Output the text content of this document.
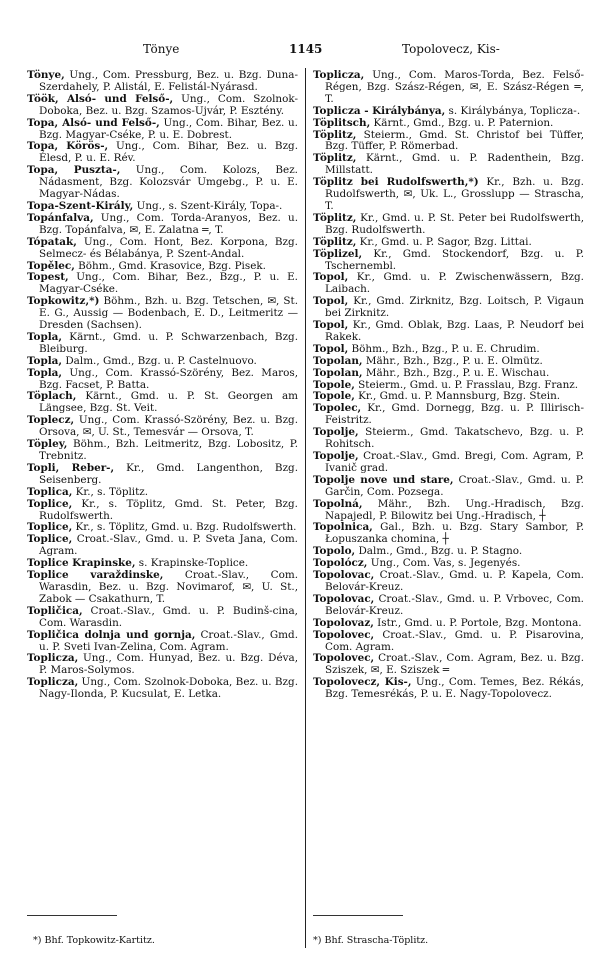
Tönye	1145	Topolovecz, Kis-

Tönye, Ung., Com. Pressburg, Bez. u. Bzg. Duna-Szerdahely, P. Alistál, E. Felistál-Nyárasd.

Töök, Alsó- und Felső-, Ung., Com. Szolnok-Doboka, Bez. u. Bzg. Szamos-Ujvár, P. Esztény.

Topa, Alsó- und Felső-, Ung., Com. Bihar, Bez. u. Bzg. Magyar-Cséke, P. u. E. Dobrest.

Topa, Körös-, Ung., Com. Bihar, Bez. u. Bzg. Élesd, P. u. E. Rév.

Topa, Puszta-, Ung., Com. Kolozs, Bez. Nádasment, Bzg. Kolozsvár Umgebg., P. u. E. Magyar-Nádas.

Topa-Szent-Király, Ung., s. Szent-Király, Topa-.

Topánfalva, Ung., Com. Torda-Aranyos, Bez. u. Bzg. Topánfalva, ✉, E. Zalatna ═, T.

Tópatak, Ung., Com. Hont, Bez. Korpona, Bzg. Selmecz- és Bélabánya, P. Szent-Andal.

Topělec, Böhm., Gmd. Krasovice, Bzg. Pisek.

Topest, Ung., Com. Bihar, Bez., Bzg., P. u. E. Magyar-Cséke.

Topkowitz,*) Böhm., Bzh. u. Bzg. Tetschen, ✉, St. E. G., Aussig — Bodenbach, E. D., Leitmeritz — Dresden (Sachsen).

Topla, Kärnt., Gmd. u. P. Schwarzenbach, Bzg. Bleiburg.

Topla, Dalm., Gmd., Bzg. u. P. Castelnuovo.

Topla, Ung., Com. Krassó-Szörény, Bez. Maros, Bzg. Facset, P. Batta.

Töplach, Kärnt., Gmd. u. P. St. Georgen am Längsee, Bzg. St. Veit.

Toplecz, Ung., Com. Krassó-Szörény, Bez. u. Bzg. Orsova, ✉, U. St., Temesvár — Orsova, T.

Töpley, Böhm., Bzh. Leitmeritz, Bzg. Lobositz, P. Trebnitz.

Topli, Reber-, Kr., Gmd. Langenthon, Bzg. Seisenberg.

Toplica, Kr., s. Töplitz.

Toplice, Kr., s. Töplitz, Gmd. St. Peter, Bzg. Rudolfswerth.

Toplice, Kr., s. Töplitz, Gmd. u. Bzg. Rudolfswerth.

Toplice, Croat.-Slav., Gmd. u. P. Sveta Jana, Com. Agram.

Toplice Krapinske, s. Krapinske-Toplice.

Toplice varaždinske, Croat.-Slav., Com. Warasdin, Bez. u. Bzg. Novimarof, ✉, U. St., Zabok — Csakathurn, T.

Topličica, Croat.-Slav., Gmd. u. P. Budinš-cina, Com. Warasdin.

Topličica dolnja und gornja, Croat.-Slav., Gmd. u. P. Sveti Ivan-Zelina, Com. Agram.

Toplicza, Ung., Com. Hunyad, Bez. u. Bzg. Déva, P. Maros-Solymos.

Toplicza, Ung., Com. Szolnok-Doboka, Bez. u. Bzg. Nagy-Ilonda, P. Kucsulat, E. Letka.

Toplicza, Ung., Com. Maros-Torda, Bez. Felső-Régen, Bzg. Szász-Régen, ✉, E. Szász-Régen ═, T.

Toplicza - Királybánya, s. Királybánya, Toplicza-.

Töplitsch, Kärnt., Gmd., Bzg. u. P. Paternion.

Töplitz, Steierm., Gmd. St. Christof bei Tüffer, Bzg. Tüffer, P. Römerbad.

Töplitz, Kärnt., Gmd. u. P. Radenthein, Bzg. Millstatt.

Töplitz bei Rudolfswerth,*) Kr., Bzh. u. Bzg. Rudolfswerth, ✉, Uk. L., Grosslupp — Straschа, T.

Töplitz, Kr., Gmd. u. P. St. Peter bei Rudolfswerth, Bzg. Rudolfswerth.

Töplitz, Kr., Gmd. u. P. Sagor, Bzg. Littai.

Töplizel, Kr., Gmd. Stockendorf, Bzg. u. P. Tschernembl.

Topol, Kr., Gmd. u. P. Zwischenwässern, Bzg. Laibach.

Topol, Kr., Gmd. Zirknitz, Bzg. Loitsch, P. Vigaun bei Zirknitz.

Topol, Kr., Gmd. Oblak, Bzg. Laas, P. Neudorf bei Rakek.

Topol, Böhm., Bzh., Bzg., P. u. E. Chrudim.

Topolan, Mähr., Bzh., Bzg., P. u. E. Olmütz.

Topolan, Mähr., Bzh., Bzg., P. u. E. Wischau.

Topole, Steierm., Gmd. u. P. Frasslau, Bzg. Franz.

Topole, Kr., Gmd. u. P. Mannsburg, Bzg. Stein.

Topolec, Kr., Gmd. Dornegg, Bzg. u. P. Illirisch-Feistritz.

Topolje, Steierm., Gmd. Takatschevo, Bzg. u. P. Rohitsch.

Topolje, Croat.-Slav., Gmd. Bregi, Com. Agram, P. Ivanič grad.

Topolje nove und stare, Croat.-Slav., Gmd. u. P. Garčin, Com. Pozsega.

Topolná, Mähr., Bzh. Ung.-Hradisch, Bzg. Napajedl, P. Bilowitz bei Ung.-Hradisch, ┼

Topolnica, Gal., Bzh. u. Bzg. Stary Sambor, P. Łopuszanka chomina, ┼

Topolo, Dalm., Gmd., Bzg. u. P. Stagno.

Topolócz, Ung., Com. Vas, s. Jegenyés.

Topolovac, Croat.-Slav., Gmd. u. P. Kapela, Com. Belovár-Kreuz.

Topolovac, Croat.-Slav., Gmd. u. P. Vrbovec, Com. Belovár-Kreuz.

Topolovaz, Istr., Gmd. u. P. Portole, Bzg. Montona.

Topolovec, Croat.-Slav., Gmd. u. P. Pisarovina, Com. Agram.

Topolovec, Croat.-Slav., Com. Agram, Bez. u. Bzg. Sziszek, ✉, E. Sziszek ═

Topolovecz, Kis-, Ung., Com. Temes, Bez. Rékás, Bzg. Temesrékás, P. u. E. Nagy-Topolovecz.

*) Bhf. Topkowitz-Kartitz.	*) Bhf. Straschа-Töplitz.
